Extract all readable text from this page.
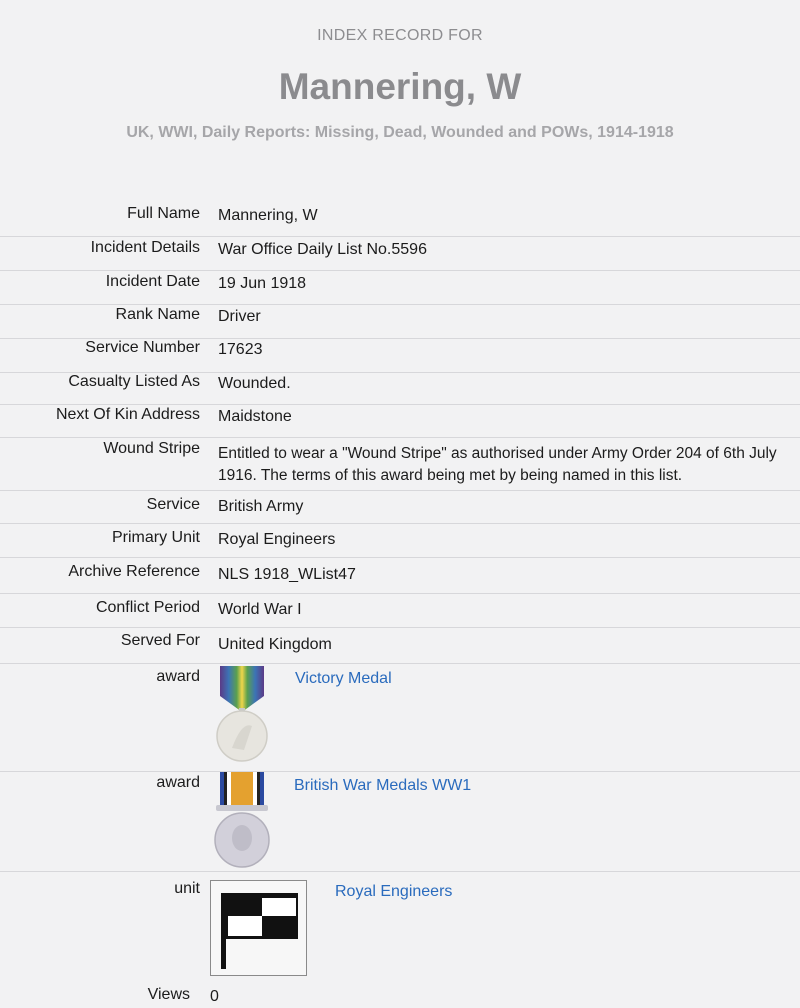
INDEX RECORD FOR
Mannering, W
UK, WWI, Daily Reports: Missing, Dead, Wounded and POWs, 1914-1918
Full Name Mannering, W
Incident Details War Office Daily List No.5596
Incident Date 19 Jun 1918
Rank Name Driver
Service Number 17623
Casualty Listed As Wounded.
Next Of Kin Address Maidstone
Wound Stripe Entitled to wear a "Wound Stripe" as authorised under Army Order 204 of 6th July 1916. The terms of this award being met by being named in this list.
Service British Army
Primary Unit Royal Engineers
Archive Reference NLS 1918_WList47
Conflict Period World War I
Served For United Kingdom
award	Victory Medal
award	British War Medals WW1
unit	Royal Engineers
Views 0
